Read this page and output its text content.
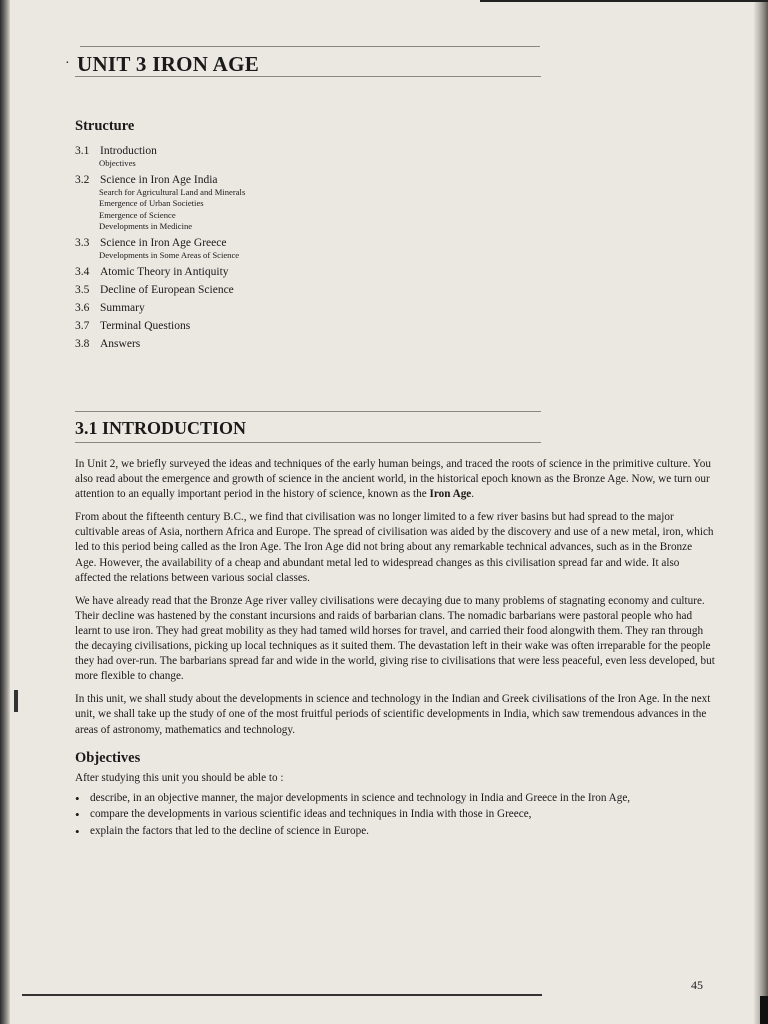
· UNIT 3 IRON AGE
Structure
3.1 Introduction
Objectives
3.2 Science in Iron Age India
Search for Agricultural Land and Minerals
Emergence of Urban Societies
Emergence of Science
Developments in Medicine
3.3 Science in Iron Age Greece
Developments in Some Areas of Science
3.4 Atomic Theory in Antiquity
3.5 Decline of European Science
3.6 Summary
3.7 Terminal Questions
3.8 Answers
3.1 INTRODUCTION

In Unit 2, we briefly surveyed the ideas and techniques of the early human beings, and traced the roots of science in the primitive culture. You also read about the emergence and growth of science in the ancient world, in the historical epoch known as the Bronze Age. Now, we turn our attention to an equally important period in the history of science, known as the Iron Age.

From about the fifteenth century B.C., we find that civilisation was no longer limited to a few river basins but had spread to the major cultivable areas of Asia, northern Africa and Europe. The spread of civilisation was aided by the discovery and use of a new metal, iron, which led to this period being called as the Iron Age. The Iron Age did not bring about any remarkable technical advances, such as in the Bronze Age. However, the availability of a cheap and abundant metal led to widespread changes as this civilisation spread far and wide. It also affected the relations between various social classes.

We have already read that the Bronze Age river valley civilisations were decaying due to many problems of stagnating economy and culture. Their decline was hastened by the constant incursions and raids of barbarian clans. The nomadic barbarians were pastoral people who had learnt to use iron. They had great mobility as they had tamed wild horses for travel, and carried their food alongwith them. They ran through the decaying civilisations, picking up local techniques as it suited them. The devastation left in their wake was often irreparable for the people they had over-run. The barbarians spread far and wide in the world, giving rise to civilisations that were less peaceful, even less developed, but more flexible to change.

In this unit, we shall study about the developments in science and technology in the Indian and Greek civilisations of the Iron Age. In the next unit, we shall take up the study of one of the most fruitful periods of scientific developments in India, which saw tremendous advances in the areas of astronomy, mathematics and technology.

Objectives

After studying this unit you should be able to :

• describe, in an objective manner, the major developments in science and technology in India and Greece in the Iron Age,
• compare the developments in various scientific ideas and techniques in India with those in Greece,
• explain the factors that led to the decline of science in Europe.
45
